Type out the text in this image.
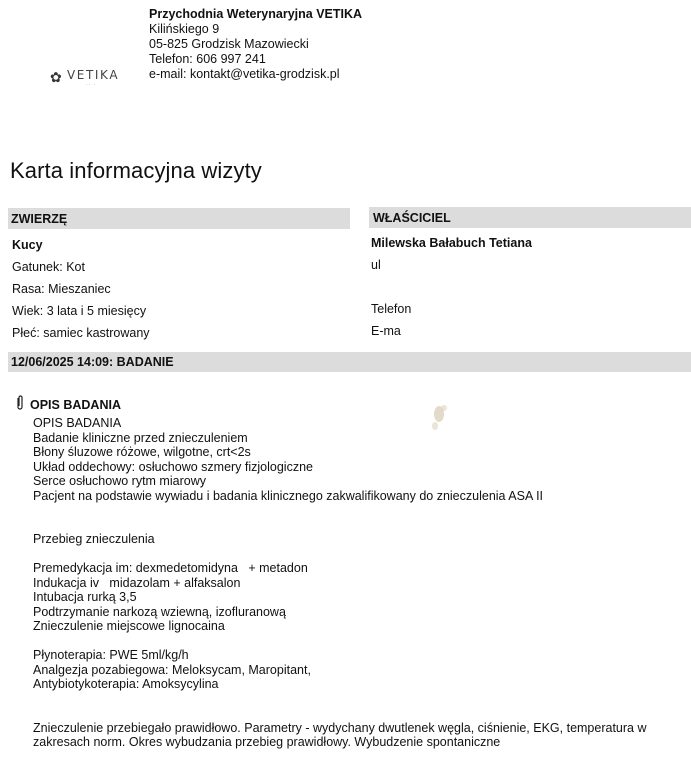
✿ VETIKA
·· ·
Przychodnia Weterynaryjna VETIKA
Kilińskiego 9
05-825 Grodzisk Mazowiecki
Telefon: 606 997 241
e-mail: kontakt@vetika-grodzisk.pl
Karta informacyjna wizyty
ZWIERZĘ	WŁAŚCICIEL
Kucy
Gatunek: Kot
Rasa: Mieszaniec
Wiek: 3 lata i 5 miesięcy
Płeć: samiec kastrowany
Milewska Bałabuch Tetiana
ul
Telefon
E-ma
12/06/2025 14:09: BADANIE
OPIS BADANIA
OPIS BADANIA
Badanie kliniczne przed znieczuleniem
Błony śluzowe różowe, wilgotne, crt<2s
Układ oddechowy: osłuchowo szmery fizjologiczne
Serce osłuchowo rytm miarowy
Pacjent na podstawie wywiadu i badania klinicznego zakwalifikowany do znieczulenia ASA II

Przebieg znieczulenia

Premedykacja im: dexmedetomidyna   + metadon
Indukacja iv   midazolam + alfaksalon
Intubacja rurką 3,5
Podtrzymanie narkozą wziewną, izofluranową
Znieczulenie miejscowe lignocaina

Płynoterapia: PWE 5ml/kg/h
Analgezja pozabiegowa: Meloksycam, Maropitant,
Antybiotykoterapia: Amoksycylina

Znieczulenie przebiegało prawidłowo. Parametry - wydychany dwutlenek węgla, ciśnienie, EKG, temperatura w
zakresach norm. Okres wybudzania przebieg prawidłowy. Wybudzenie spontaniczne
